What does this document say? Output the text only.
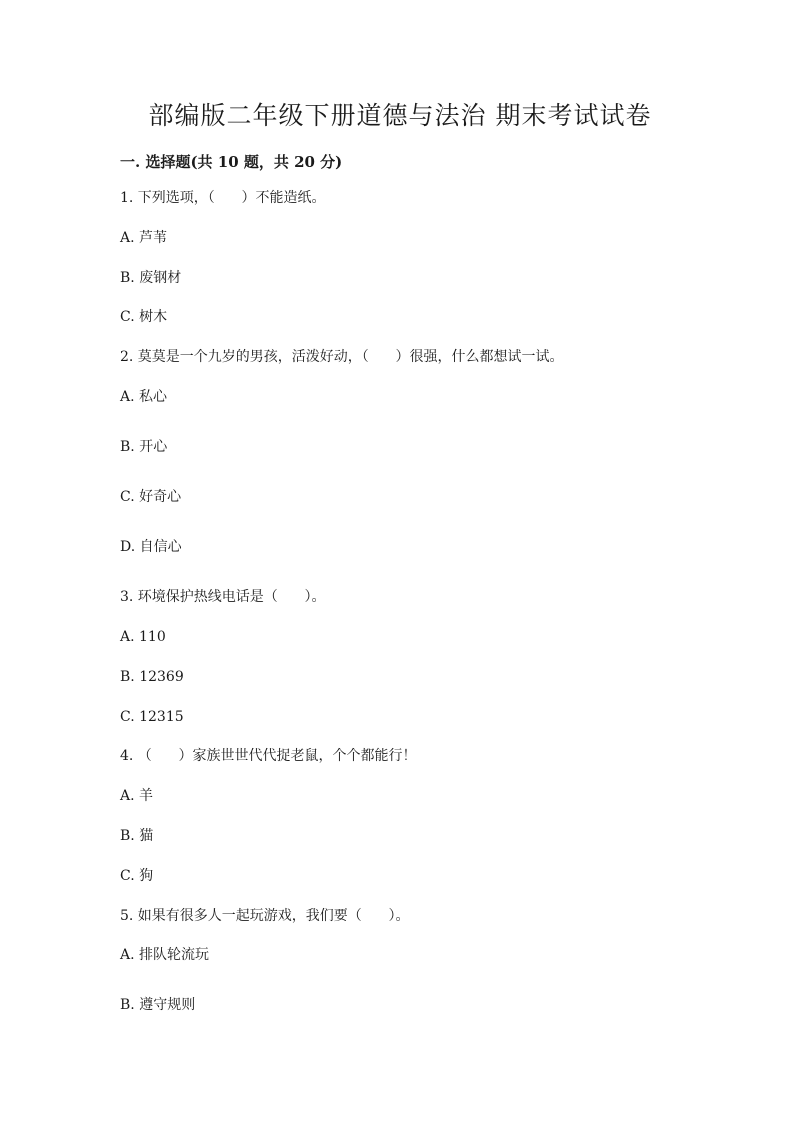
部编版二年级下册道德与法治 期末考试试卷
一. 选择题(共 10 题，共 20 分)
1. 下列选项，（      ）不能造纸。
A. 芦苇
B. 废钢材
C. 树木
2. 莫莫是一个九岁的男孩，活泼好动，（      ）很强，什么都想试一试。
A. 私心
B. 开心
C. 好奇心
D. 自信心
3. 环境保护热线电话是（      ）。
A. 110
B. 12369
C. 12315
4. （      ）家族世世代代捉老鼠，个个都能行！
A. 羊
B. 猫
C. 狗
5. 如果有很多人一起玩游戏，我们要（      ）。
A. 排队轮流玩
B. 遵守规则
